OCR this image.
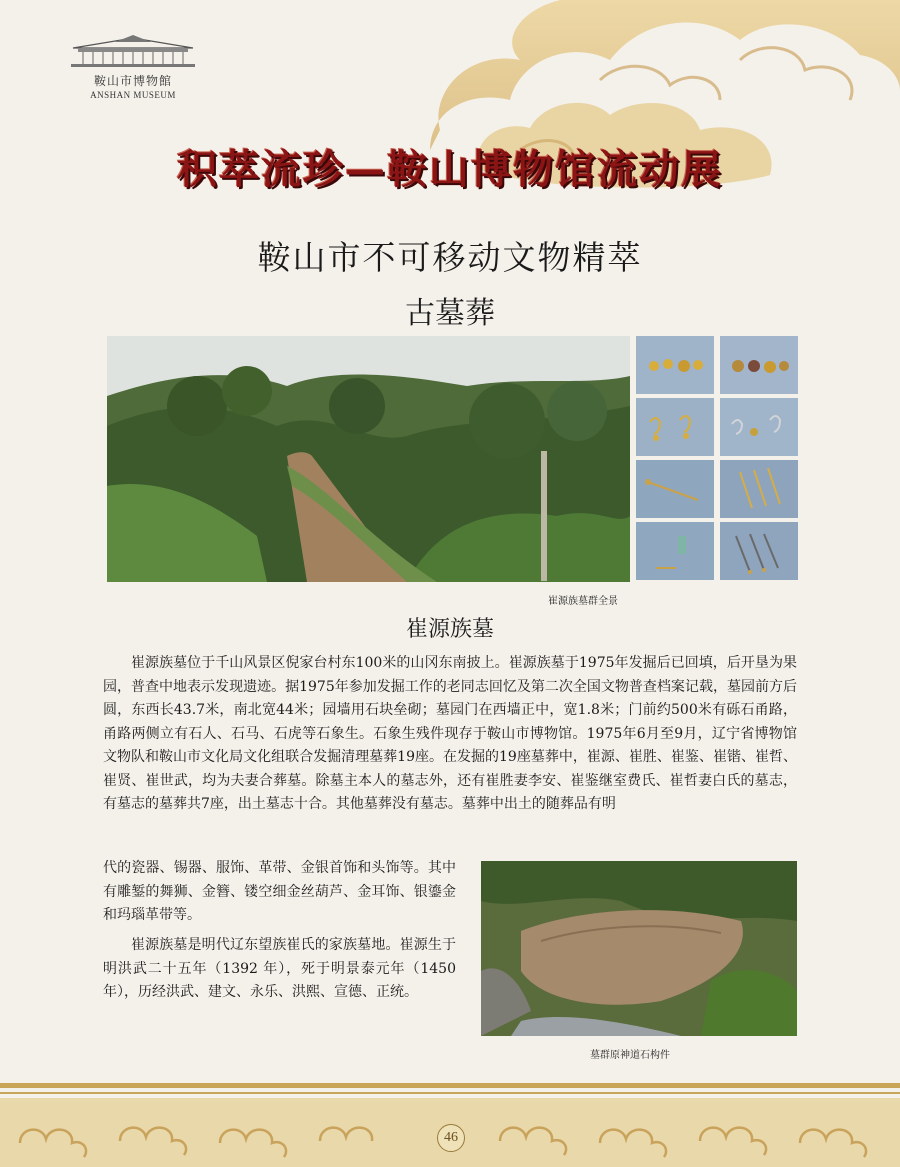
鞍山市博物館
ANSHAN MUSEUM
积萃流珍—鞍山博物馆流动展
鞍山市不可移动文物精萃
古墓葬
崔源族墓群全景
崔源族墓

崔源族墓位于千山风景区倪家台村东100米的山冈东南披上。崔源族墓于1975年发掘后已回填，后开垦为果园，普查中地表示发现遗迹。据1975年参加发掘工作的老同志回忆及第二次全国文物普查档案记载，墓园前方后圆，东西长43.7米，南北宽44米；园墙用石块垒砌；墓园门在西墙正中，宽1.8米；门前约500米有砾石甬路，甬路两侧立有石人、石马、石虎等石象生。石象生残件现存于鞍山市博物馆。1975年6月至9月，辽宁省博物馆文物队和鞍山市文化局文化组联合发掘清理墓葬19座。在发掘的19座墓葬中，崔源、崔胜、崔鉴、崔锴、崔哲、崔贤、崔世武，均为夫妻合葬墓。除墓主本人的墓志外，还有崔胜妻李安、崔鉴继室费氏、崔哲妻白氏的墓志，有墓志的墓葬共7座，出土墓志十合。其他墓葬没有墓志。墓葬中出土的随葬品有明

代的瓷器、锡器、服饰、革带、金银首饰和头饰等。其中有雕錾的舞狮、金簪、镂空细金丝葫芦、金耳饰、银鎏金和玛瑙革带等。

崔源族墓是明代辽东望族崔氏的家族墓地。崔源生于明洪武二十五年（1392 年），死于明景泰元年（1450 年），历经洪武、建文、永乐、洪熙、宣德、正统。

墓群原神道石构件
46
